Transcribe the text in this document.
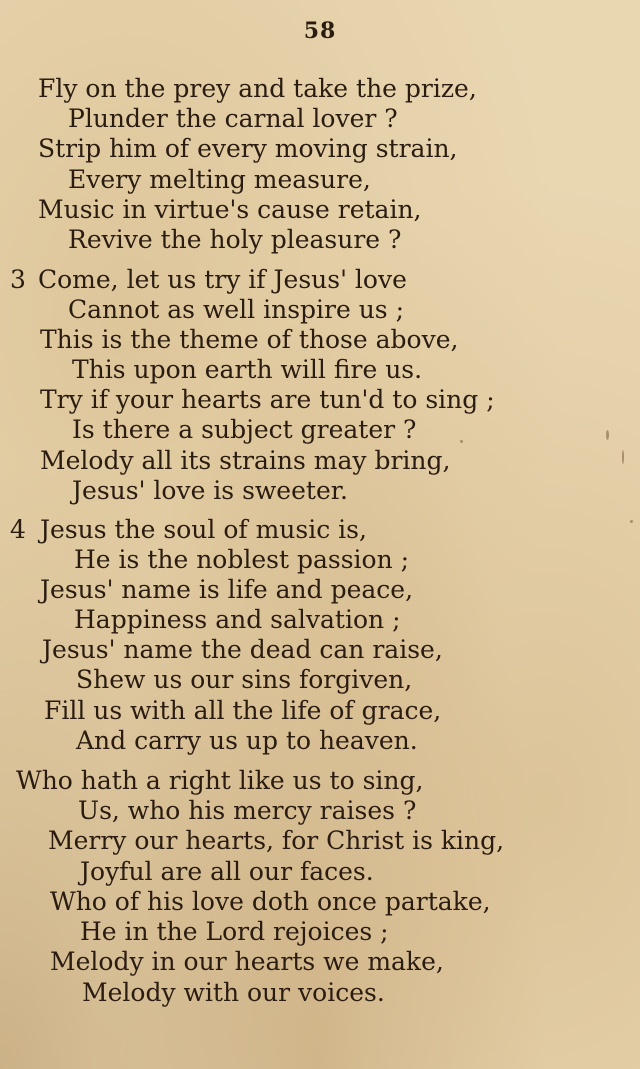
58
Fly on the prey and take the prize,
Plunder the carnal lover ?
Strip him of every moving strain,
Every melting measure,
Music in virtue's cause retain,
Revive the holy pleasure ?
3 Come, let us try if Jesus' love
Cannot as well inspire us ;
This is the theme of those above,
This upon earth will fire us.
Try if your hearts are tun'd to sing ;
Is there a subject greater ?
Melody all its strains may bring,
Jesus' love is sweeter.
4 Jesus the soul of music is,
He is the noblest passion ;
Jesus' name is life and peace,
Happiness and salvation ;
Jesus' name the dead can raise,
Shew us our sins forgiven,
Fill us with all the life of grace,
And carry us up to heaven.
Who hath a right like us to sing,
Us, who his mercy raises ?
Merry our hearts, for Christ is king,
Joyful are all our faces.
Who of his love doth once partake,
He in the Lord rejoices ;
Melody in our hearts we make,
Melody with our voices.
